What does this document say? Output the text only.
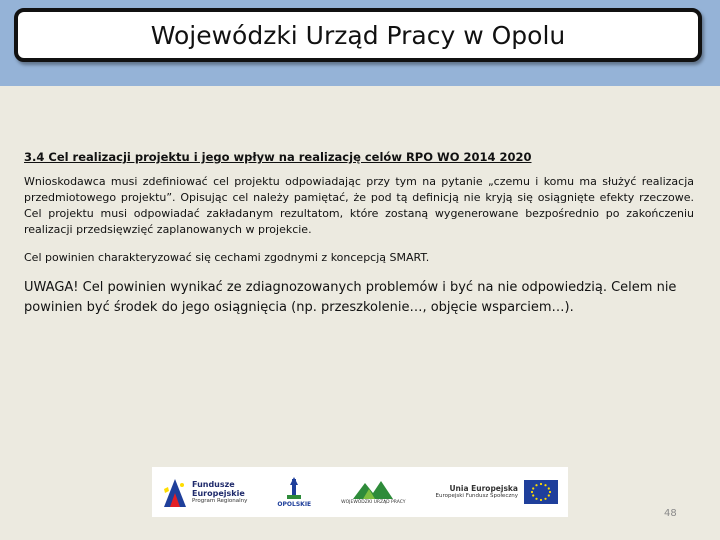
Wojewódzki Urząd Pracy w Opolu

3.4 Cel realizacji projektu i jego wpływ na realizację celów RPO WO 2014 2020

Wnioskodawca musi zdefiniować cel projektu odpowiadając przy tym na pytanie „czemu i komu ma służyć realizacja przedmiotowego projektu”. Opisując cel należy pamiętać, że pod tą definicją nie kryją się osiągnięte efekty rzeczowe. Cel projektu musi odpowiadać zakładanym rezultatom, które zostaną wygenerowane bezpośrednio po zakończeniu realizacji przedsięwzięć zaplanowanych w projekcie.

Cel powinien charakteryzować się cechami zgodnymi z koncepcją SMART.

UWAGA! Cel powinien wynikać ze zdiagnozowanych problemów i być na nie odpowiedzią. Celem nie powinien być środek do jego osiągnięcia (np. przeszkolenie…, objęcie wsparciem…).

Fundusze
Europejskie
Program Regionalny	OPOLSKIE	WOJEWÓDZKI URZĄD PRACY
Unia Europejska
Europejski Fundusz Społeczny
48
